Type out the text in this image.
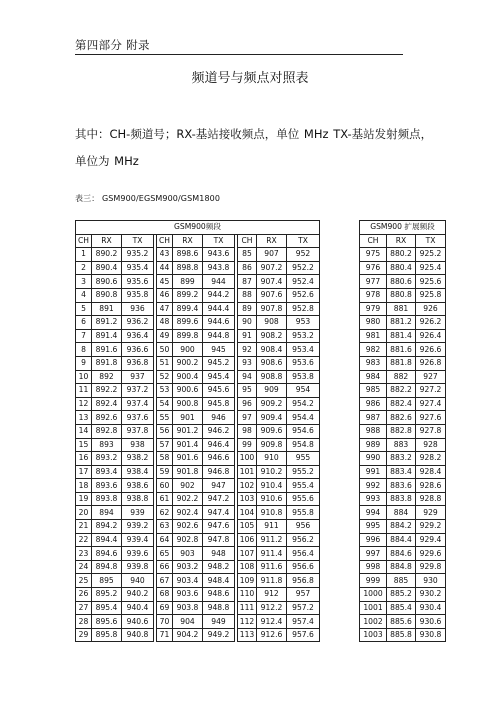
第四部分 附录
频道号与频点对照表
其中：CH-频道号；RX-基站接收频点，单位 MHz TX-基站发射频点，单位为 MHz
表三： GSM900/EGSM900/GSM1800
GSM900频段										
CH	RX	TX		CH	RX	TX		CH	RX	TX
1	890.2	935.2		43	898.6	943.6		85	907	952
2	890.4	935.4		44	898.8	943.8		86	907.2	952.2
3	890.6	935.6		45	899	944		87	907.4	952.4
4	890.8	935.8		46	899.2	944.2		88	907.6	952.6
5	891	936		47	899.4	944.4		89	907.8	952.8
6	891.2	936.2		48	899.6	944.6		90	908	953
7	891.4	936.4		49	899.8	944.8		91	908.2	953.2
8	891.6	936.6		50	900	945		92	908.4	953.4
9	891.8	936.8		51	900.2	945.2		93	908.6	953.6
10	892	937		52	900.4	945.4		94	908.8	953.8
11	892.2	937.2		53	900.6	945.6		95	909	954
12	892.4	937.4		54	900.8	945.8		96	909.2	954.2
13	892.6	937.6		55	901	946		97	909.4	954.4
14	892.8	937.8		56	901.2	946.2		98	909.6	954.6
15	893	938		57	901.4	946.4		99	909.8	954.8
16	893.2	938.2		58	901.6	946.6		100	910	955
17	893.4	938.4		59	901.8	946.8		101	910.2	955.2
18	893.6	938.6		60	902	947		102	910.4	955.4
19	893.8	938.8		61	902.2	947.2		103	910.6	955.6
20	894	939		62	902.4	947.4		104	910.8	955.8
21	894.2	939.2		63	902.6	947.6		105	911	956
22	894.4	939.4		64	902.8	947.8		106	911.2	956.2
23	894.6	939.6		65	903	948		107	911.4	956.4
24	894.8	939.8		66	903.2	948.2		108	911.6	956.6
25	895	940		67	903.4	948.4		109	911.8	956.8
26	895.2	940.2		68	903.6	948.6		110	912	957
27	895.4	940.4		69	903.8	948.8		111	912.2	957.2
28	895.6	940.6		70	904	949		112	912.4	957.4
29	895.8	940.8		71	904.2	949.2		113	912.6	957.6
GSM900 扩展频段		
CH	RX	TX
975	880.2	925.2
976	880.4	925.4
977	880.6	925.6
978	880.8	925.8
979	881	926
980	881.2	926.2
981	881.4	926.4
982	881.6	926.6
983	881.8	926.8
984	882	927
985	882.2	927.2
986	882.4	927.4
987	882.6	927.6
988	882.8	927.8
989	883	928
990	883.2	928.2
991	883.4	928.4
992	883.6	928.6
993	883.8	928.8
994	884	929
995	884.2	929.2
996	884.4	929.4
997	884.6	929.6
998	884.8	929.8
999	885	930
1000	885.2	930.2
1001	885.4	930.4
1002	885.6	930.6
1003	885.8	930.8
